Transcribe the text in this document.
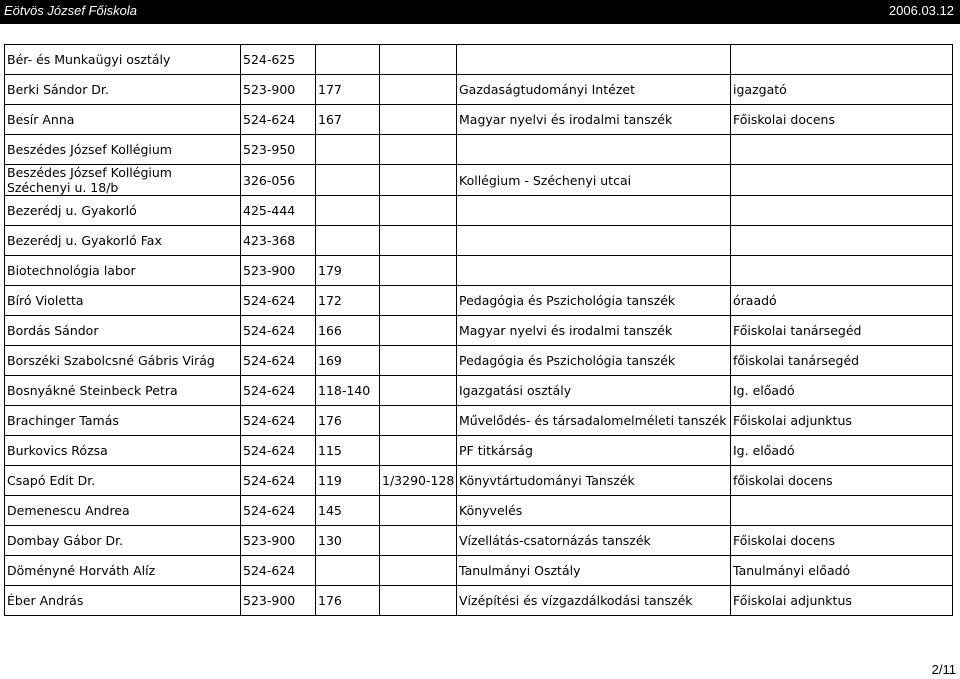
Eötvös József Főiskola	2006.03.12
Bér- és Munkaügyi osztály	524-625				
Berki Sándor Dr.	523-900	177		Gazdaságtudományi Intézet	igazgató
Besír Anna	524-624	167		Magyar nyelvi és irodalmi tanszék	Főiskolai docens
Beszédes József Kollégium	523-950				
Beszédes József Kollégium Széchenyi u. 18/b	326-056			Kollégium - Széchenyi utcai	
Bezerédj u. Gyakorló	425-444				
Bezerédj u. Gyakorló Fax	423-368				
Biotechnológia labor	523-900	179			
Bíró Violetta	524-624	172		Pedagógia és Pszichológia tanszék	óraadó
Bordás Sándor	524-624	166		Magyar nyelvi és irodalmi tanszék	Főiskolai tanársegéd
Borszéki Szabolcsné Gábris Virág	524-624	169		Pedagógia és Pszichológia tanszék	főiskolai tanársegéd
Bosnyákné Steinbeck Petra	524-624	118-140		Igazgatási osztály	Ig. előadó
Brachinger Tamás	524-624	176		Művelődés- és társadalomelméleti tanszék	Főiskolai adjunktus
Burkovics Rózsa	524-624	115		PF titkárság	Ig. előadó
Csapó Edit Dr.	524-624	119	1/3290-128	Könyvtártudományi Tanszék	főiskolai docens
Demenescu Andrea	524-624	145		Könyvelés	
Dombay Gábor Dr.	523-900	130		Vízellátás-csatornázás tanszék	Főiskolai docens
Döményné Horváth Alíz	524-624			Tanulmányi Osztály	Tanulmányi előadó
Éber András	523-900	176		Vízépítési és vízgazdálkodási tanszék	Főiskolai adjunktus
2/11
